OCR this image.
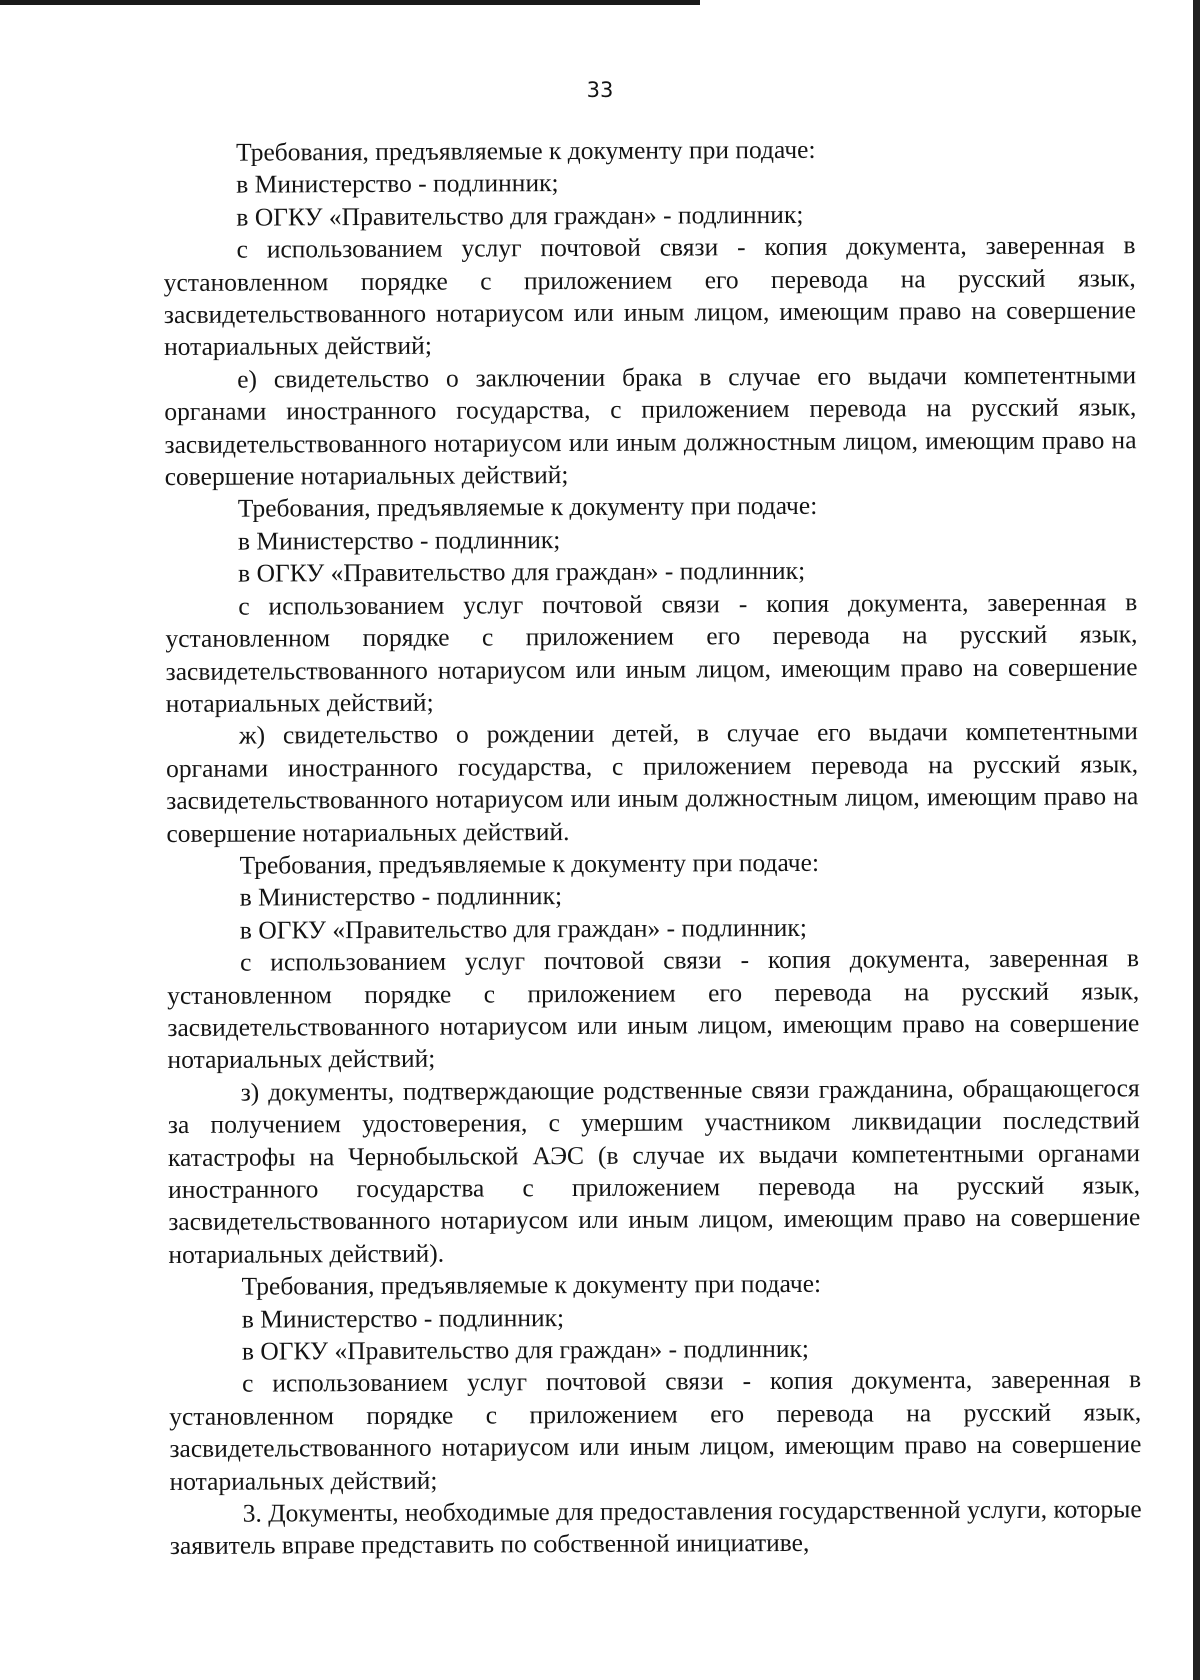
33

Требования, предъявляемые к документу при подаче:

в Министерство - подлинник;

в ОГКУ «Правительство для граждан» - подлинник;

с использованием услуг почтовой связи - копия документа, заверенная в установленном порядке с приложением его перевода на русский язык, засвидетельствованного нотариусом или иным лицом, имеющим право на совершение нотариальных действий;

е) свидетельство о заключении брака в случае его выдачи компетентными органами иностранного государства, с приложением перевода на русский язык, засвидетельствованного нотариусом или иным должностным лицом, имеющим право на совершение нотариальных действий;

Требования, предъявляемые к документу при подаче:

в Министерство - подлинник;

в ОГКУ «Правительство для граждан» - подлинник;

с использованием услуг почтовой связи - копия документа, заверенная в установленном порядке с приложением его перевода на русский язык, засвидетельствованного нотариусом или иным лицом, имеющим право на совершение нотариальных действий;

ж) свидетельство о рождении детей, в случае его выдачи компетентными органами иностранного государства, с приложением перевода на русский язык, засвидетельствованного нотариусом или иным должностным лицом, имеющим право на совершение нотариальных действий.

Требования, предъявляемые к документу при подаче:

в Министерство - подлинник;

в ОГКУ «Правительство для граждан» - подлинник;

с использованием услуг почтовой связи - копия документа, заверенная в установленном порядке с приложением его перевода на русский язык, засвидетельствованного нотариусом или иным лицом, имеющим право на совершение нотариальных действий;

з) документы, подтверждающие родственные связи гражданина, обращающегося за получением удостоверения, с умершим участником ликвидации последствий катастрофы на Чернобыльской АЭС (в случае их выдачи компетентными органами иностранного государства с приложением перевода на русский язык, засвидетельствованного нотариусом или иным лицом, имеющим право на совершение нотариальных действий).

Требования, предъявляемые к документу при подаче:

в Министерство - подлинник;

в ОГКУ «Правительство для граждан» - подлинник;

с использованием услуг почтовой связи - копия документа, заверенная в установленном порядке с приложением его перевода на русский язык, засвидетельствованного нотариусом или иным лицом, имеющим право на совершение нотариальных действий;

3. Документы, необходимые для предоставления государственной услуги, которые заявитель вправе представить по собственной инициативе,
